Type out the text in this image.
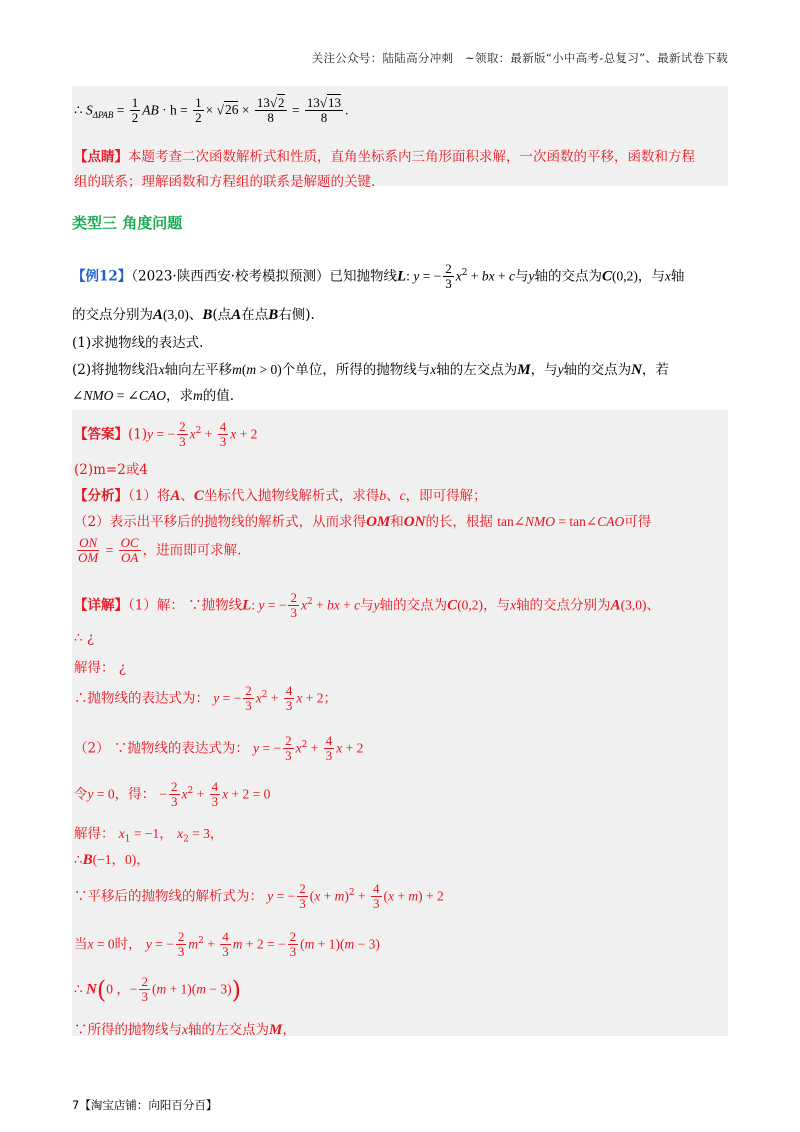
关注公众号：陆陆高分冲刺　~领取：最新版“小中高考-总复习”、最新试卷下载
∴ $S_{\Delta PAB} = \frac{1}{2}$ AB · $h = \frac{1}{2} \times √26 \times \frac{13√2}{8} = \frac{13√13}{8}$ .
【点睛】本题考查二次函数解析式和性质，直角坐标系内三角形面积求解，一次函数的平移，函数和方程
组的联系；理解函数和方程组的联系是解题的关键.
类型三 角度问题
【例12】（2023·陕西西安·校考模拟预测）已知抛物线L: y = − $\frac{2}{3} x^2$ + bx + c与y轴的交点为C(0,2)，与x轴
的交点分别为A(3,0)、B(点A在点B右侧).
(1)求抛物线的表达式.
(2)将抛物线沿x轴向左平移m(m > 0)个单位，所得的抛物线与x轴的左交点为M，与y轴的交点为N，若
∠NMO = ∠CAO，求m的值.
【答案】(1)y = − $\frac{2}{3} x^2 + \frac{4}{3}$ x + 2
(2)m=2或4
【分析】（1）将A、C坐标代入抛物线解析式，求得b、c，即可得解；
（2）表示出平移后的抛物线的解析式，从而求得OM和ON的长，根据 tan∠NMO = tan∠CAO可得
$\frac{ON}{OM} = \frac{OC}{OA}$ ，进而即可求解.
【详解】（1）解： ∵抛物线L: y = − $\frac{2}{3} x^2$ + bx + c与y轴的交点为C(0,2)，与x轴的交点分别为A(3,0)、
∴ ¿
解得： ¿
∴抛物线的表达式为： y = − $\frac{2}{3} x^2 + \frac{4}{3}$ x + 2；
（2） ∵抛物线的表达式为： y = − $\frac{2}{3} x^2 + \frac{4}{3}$ x + 2
令y = 0，得： − $\frac{2}{3} x^2 + \frac{4}{3}$ x + 2 = 0
解得： $x_1 = -1$， $x_2 = 3$，
∴B(−1，0)，
∵平移后的抛物线的解析式为： y = − $\frac{2}{3} (x + m)^2 + \frac{4}{3} (x + m) + 2$
当x = 0时， y = − $\frac{2}{3} m^2 + \frac{4}{3}$ m + 2 = − $\frac{2}{3} (m + 1)(m - 3)$
∴ N(0 ，− $\frac{2}{3} (m + 1)(m - 3)$)
∵所得的抛物线与x轴的左交点为M，
7【淘宝店铺：向阳百分百】
